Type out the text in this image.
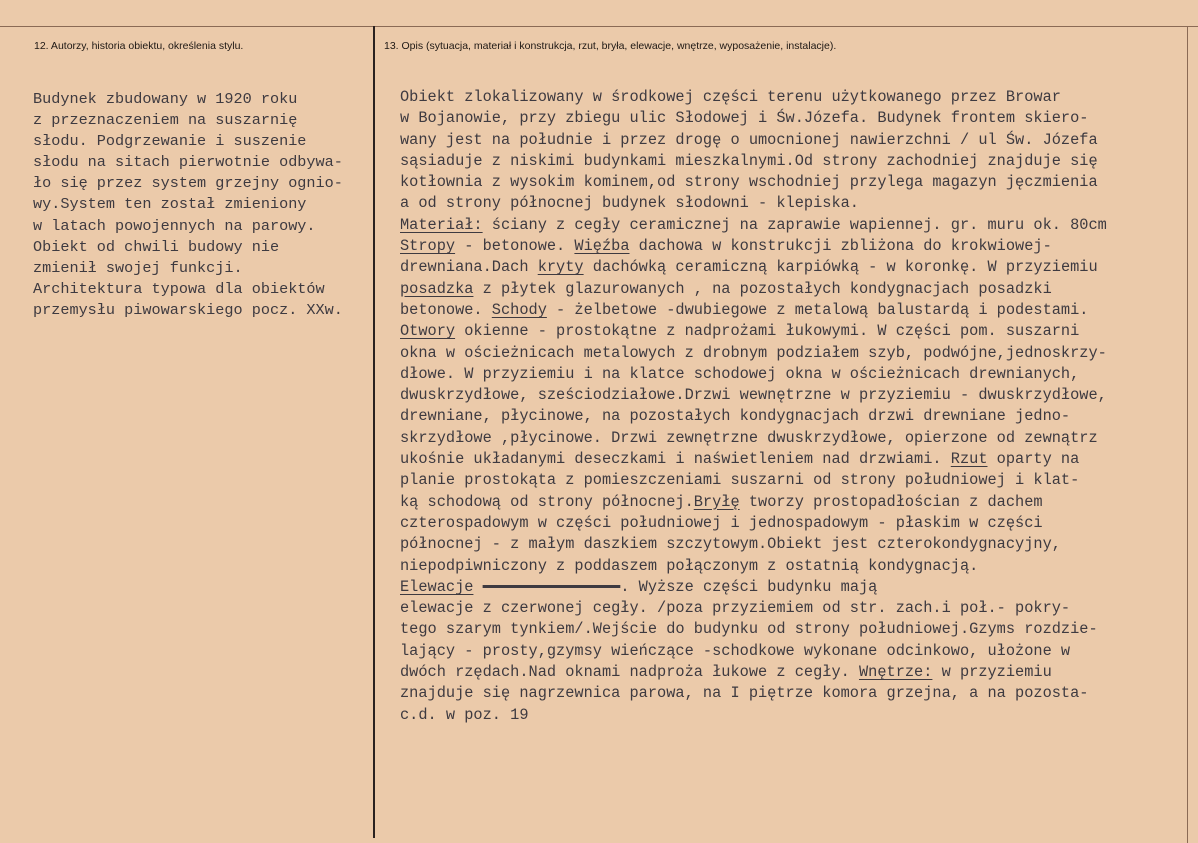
12. Autorzy, historia obiektu, określenia stylu.	13. Opis (sytuacja, materiał i konstrukcja, rzut, bryła, elewacje, wnętrze, wyposażenie, instalacje).
Budynek zbudowany w 1920 roku
z przeznaczeniem na suszarnię
słodu. Podgrzewanie i suszenie
słodu na sitach pierwotnie odbywa-
ło się przez system grzejny ognio-
wy.System ten został zmieniony
w latach powojennych na parowy.
Obiekt od chwili budowy nie
zmienił swojej funkcji.
Architektura typowa dla obiektów
przemysłu piwowarskiego pocz. XXw.
Obiekt zlokalizowany w środkowej części terenu użytkowanego przez Browar
w Bojanowie, przy zbiegu ulic Słodowej i Św.Józefa. Budynek frontem skiero-
wany jest na południe i przez drogę o umocnionej nawierzchni / ul Św. Józefa
sąsiaduje z niskimi budynkami mieszkalnymi.Od strony zachodniej znajduje się
kotłownia z wysokim kominem,od strony wschodniej przylega magazyn jęczmienia
a od strony północnej budynek słodowni - klepiska.
Materiał: ściany z cegły ceramicznej na zaprawie wapiennej. gr. muru ok. 80cm
Stropy - betonowe. Więźba dachowa w konstrukcji zbliżona do krokwiowej-
drewniana.Dach kryty dachówką ceramiczną karpiówką - w koronkę. W przyziemiu
posadzka z płytek glazurowanych , na pozostałych kondygnacjach posadzki
betonowe. Schody - żelbetowe -dwubiegowe z metalową balustardą i podestami.
Otwory okienne - prostokątne z nadprożami łukowymi. W części pom. suszarni
okna w ościeżnicach metalowych z drobnym podziałem szyb, podwójne,jednoskrzy-
dłowe. W przyziemiu i na klatce schodowej okna w ościeżnicach drewnianych,
dwuskrzydłowe, sześciodziałowe.Drzwi wewnętrzne w przyziemiu - dwuskrzydłowe,
drewniane, płycinowe, na pozostałych kondygnacjach drzwi drewniane jedno-
skrzydłowe ,płycinowe. Drzwi zewnętrzne dwuskrzydłowe, opierzone od zewnątrz
ukośnie układanymi deseczkami i naświetleniem nad drzwiami. Rzut oparty na
planie prostokąta z pomieszczeniami suszarni od strony południowej i klat-
ką schodową od strony północnej.Bryłę tworzy prostopadłościan z dachem
czterospadowym w części południowej i jednospadowym - płaskim w części
północnej - z małym daszkiem szczytowym.Obiekt jest czterokondygnacyjny,
niepodpiwniczony z poddaszem połączonym z ostatnią kondygnacją.
Elewacje	. Wyższe części budynku mają
elewacje z czerwonej cegły. /poza przyziemiem od str. zach.i poł.- pokry-
tego szarym tynkiem/.Wejście do budynku od strony południowej.Gzyms rozdzie-
lający - prosty,gzymsy wieńczące -schodkowe wykonane odcinkowo, ułożone w
dwóch rzędach.Nad oknami nadproża łukowe z cegły. Wnętrze: w przyziemiu
znajduje się nagrzewnica parowa, na I piętrze komora grzejna, a na pozosta-
c.d. w poz. 19
